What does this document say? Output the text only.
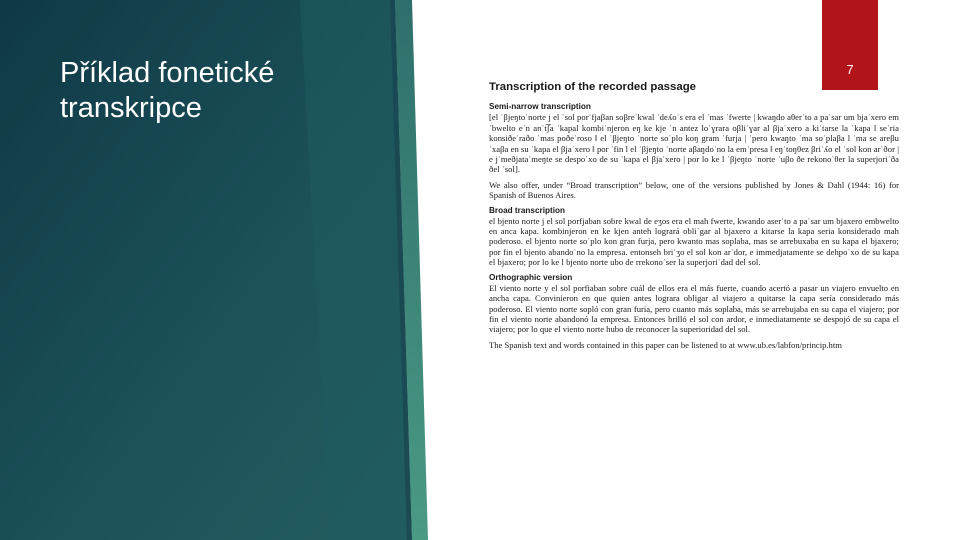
Příklad fonetické transkripce
7

Transcription of the recorded passage

Semi-narrow transcription

[el ˈβjeŋtoˈnorte j el ˈsol porˈfjaβan soβreˈkwal ˈdeʎoˈs era el ˈmas ˈfwerte | kwaŋdo aθerˈto a paˈsar um bjaˈxero emˈbwelto eˈn anˈt͡ʃa ˈkapal kombiˈnjeron eŋ ke kje ˈn antez loˈɣrara oβliˈɣar al βjaˈxero a kiˈtarse la ˈkapa l seˈria konsiðeˈraðo ˈmas poðeˈroso ‖ el ˈβjeŋto ˈnorte soˈplo koŋ gram ˈfurja | ˈpero kwaŋto ˈma soˈplaβa l ˈma se areβuˈxaβa en su ˈkapa el βjaˈxero ‖ por ˈfin l el ˈβjeŋto ˈnorte aβaŋdoˈno la emˈpresa ‖ eŋˈtoŋθez βriˈʎo el ˈsol kon arˈðor | e jˈmeðjataˈmeŋte se despoˈxo de su ˈkapa el βjaˈxero | por lo ke l ˈβjeŋto ˈnorte ˈuβo ðe rekonoˈθer la superjoriˈða ðel ˈsol].

We also offer, under “Broad transcription” below, one of the versions published by Jones & Dahl (1944: 16) for Spanish of Buenos Aires.

Broad transcription

el bjento norte j el sol porfjaban sobre kwal de eʒos era el mah fwerte, kwando aserˈto a paˈsar um bjaxero embwelto en anca kapa. kombinjeron en ke kjen anteh logrará obliˈgar al bjaxero a kitarse la kapa seria konsiderado mah poderoso. el bjento norte soˈplo kon gran furja, pero kwanto mas soplaba, mas se arrebuxaba en su kapa el bjaxero; por fin el bjento abandoˈno la empresa. entonseh briˈʒo el sol kon arˈdor, e immedjatamente se dehpoˈxo de su kapa el bjaxero; por lo ke l bjento norte ubo de rrekonoˈser la superjoriˈdad del sol.

Orthographic version

El viento norte y el sol porfiaban sobre cuál de ellos era el más fuerte, cuando acertó a pasar un viajero envuelto en ancha capa. Convinieron en que quien antes lograra obligar al viajero a quitarse la capa sería considerado más poderoso. El viento norte sopló con gran furia, pero cuanto más soplaba, más se arrebujaba en su capa el viajero; por fin el viento norte abandonó la empresa. Entonces brilló el sol con ardor, e inmediatamente se despojó de su capa el viajero; por lo que el viento norte hubo de reconocer la superioridad del sol.

The Spanish text and words contained in this paper can be listened to at www.ub.es/labfon/princip.htm
